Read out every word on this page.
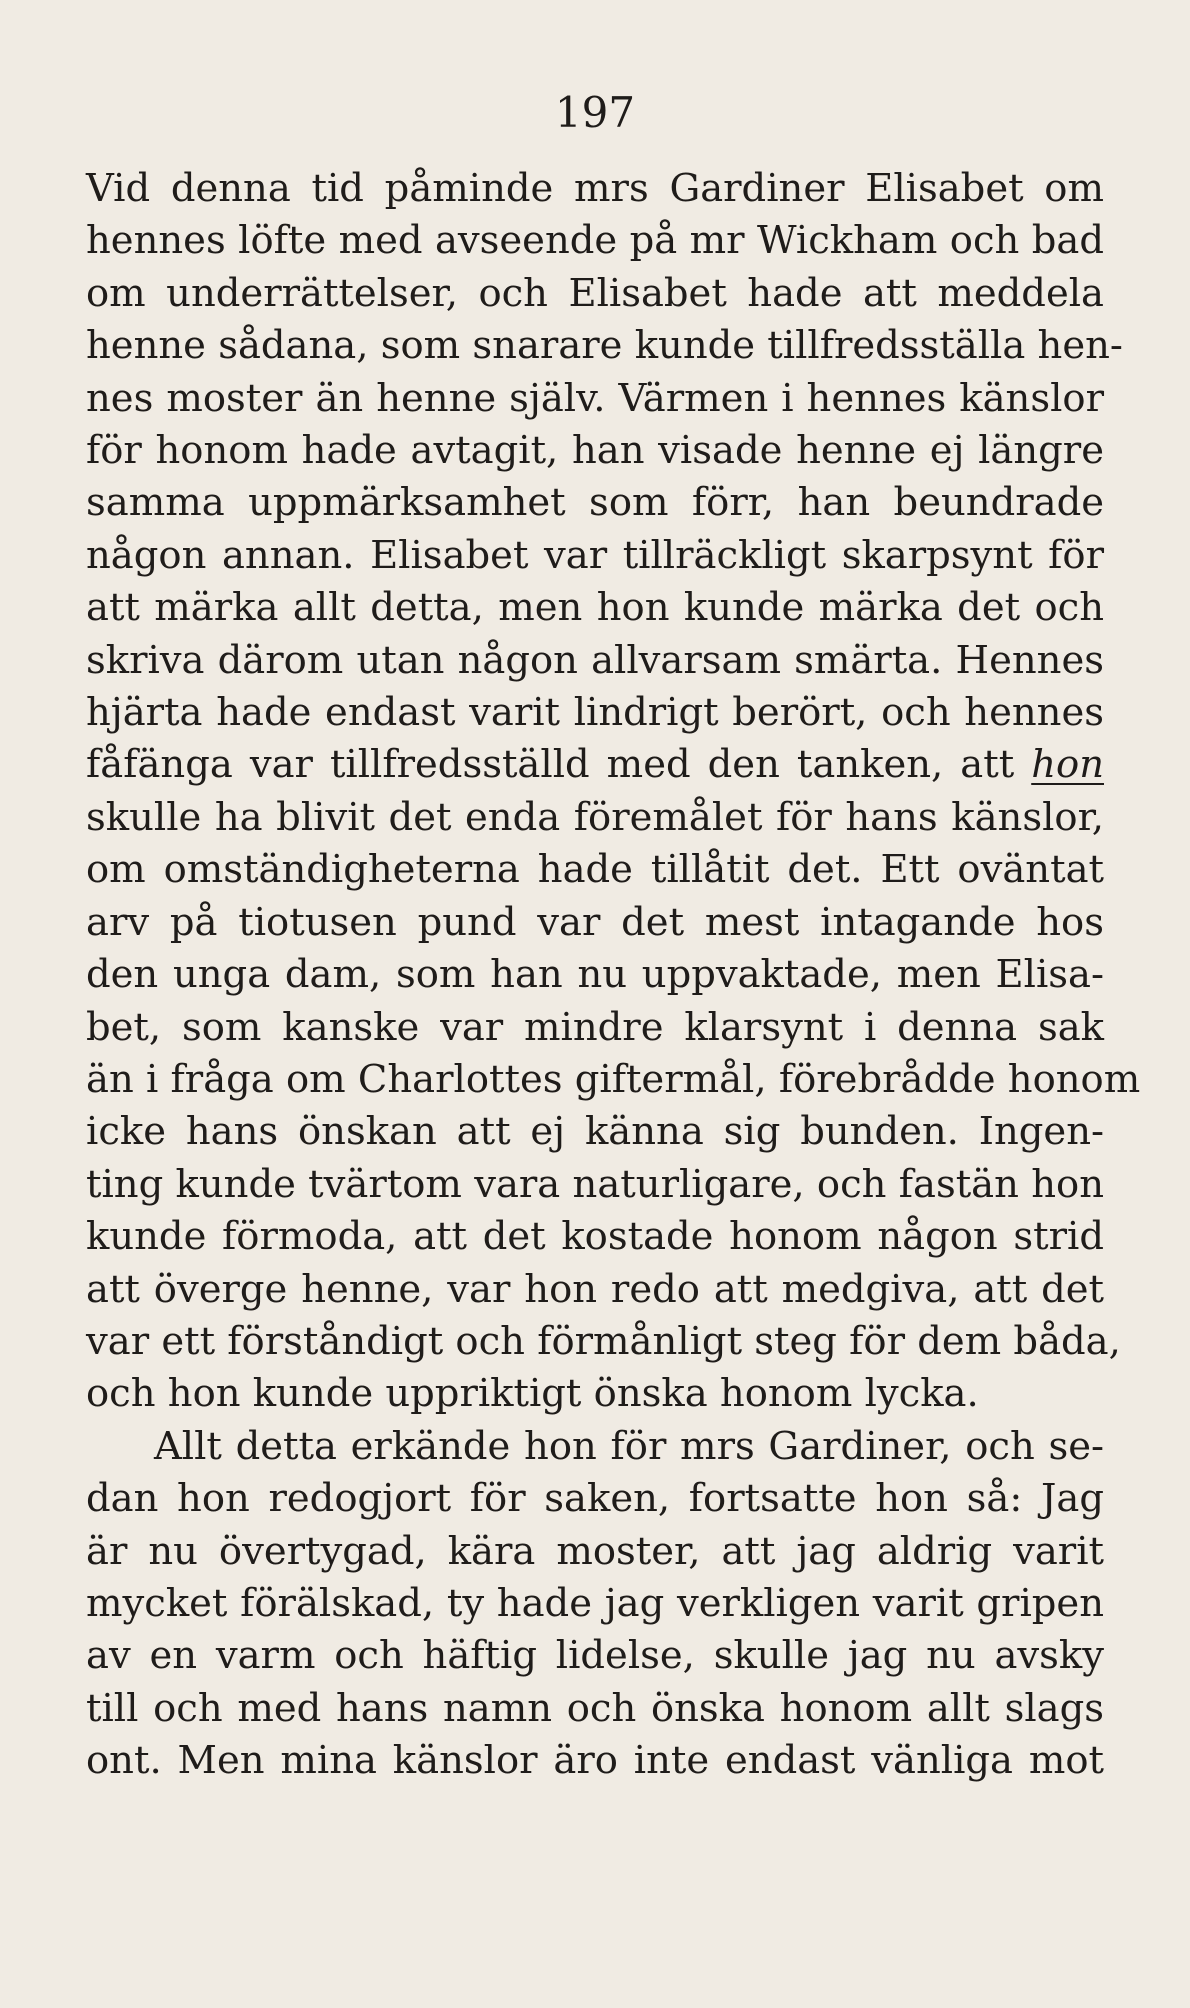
197
Vid denna tid påminde mrs Gardiner Elisabet om
hennes löfte med avseende på mr Wickham och bad
om underrättelser, och Elisabet hade att meddela
henne sådana, som snarare kunde tillfredsställa hen-
nes moster än henne själv. Värmen i hennes känslor
för honom hade avtagit, han visade henne ej längre
samma uppmärksamhet som förr, han beundrade
någon annan. Elisabet var tillräckligt skarpsynt för
att märka allt detta, men hon kunde märka det och
skriva därom utan någon allvarsam smärta. Hennes
hjärta hade endast varit lindrigt berört, och hennes
fåfänga var tillfredsställd med den tanken, att hon
skulle ha blivit det enda föremålet för hans känslor,
om omständigheterna hade tillåtit det. Ett oväntat
arv på tiotusen pund var det mest intagande hos
den unga dam, som han nu uppvaktade, men Elisa-
bet, som kanske var mindre klarsynt i denna sak
än i fråga om Charlottes giftermål, förebrådde honom
icke hans önskan att ej känna sig bunden. Ingen-
ting kunde tvärtom vara naturligare, och fastän hon
kunde förmoda, att det kostade honom någon strid
att överge henne, var hon redo att medgiva, att det
var ett förståndigt och förmånligt steg för dem båda,
och hon kunde uppriktigt önska honom lycka.
Allt detta erkände hon för mrs Gardiner, och se-
dan hon redogjort för saken, fortsatte hon så: Jag
är nu övertygad, kära moster, att jag aldrig varit
mycket förälskad, ty hade jag verkligen varit gripen
av en varm och häftig lidelse, skulle jag nu avsky
till och med hans namn och önska honom allt slags
ont. Men mina känslor äro inte endast vänliga mot
